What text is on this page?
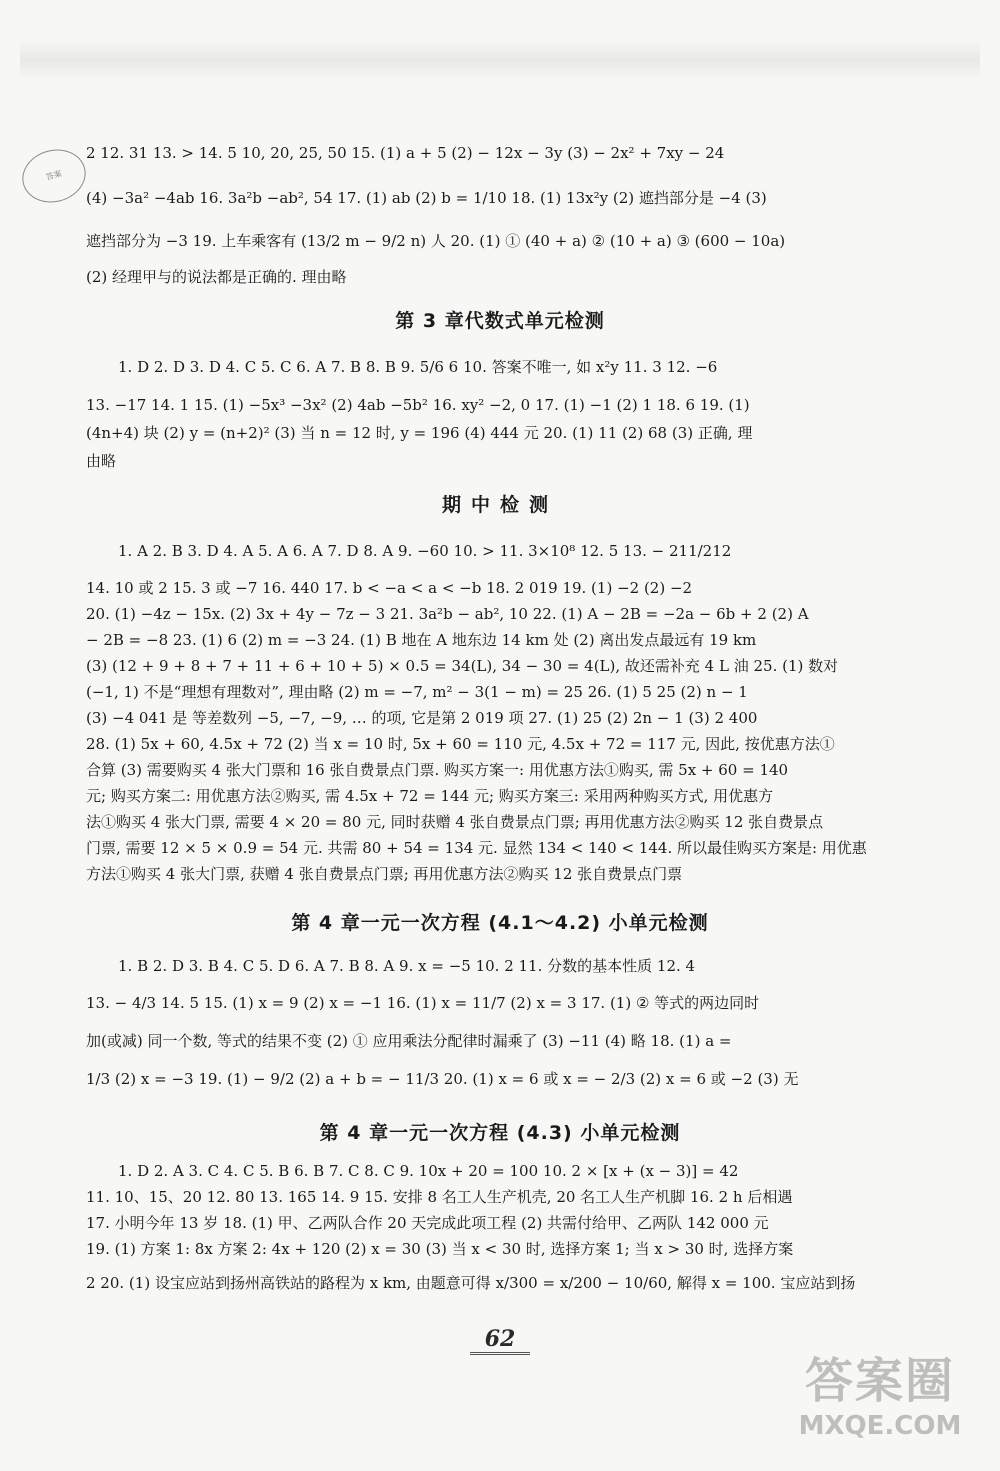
答案
2 12. 31 13. > 14. 5 10, 20, 25, 50 15. (1) a + 5 (2) − 12x − 3y (3) − 2x² + 7xy − 24
(4) −3a² −4ab 16. 3a²b −ab², 54 17. (1) ab (2) b = 1/10 18. (1) 13x²y (2) 遮挡部分是 −4 (3)
遮挡部分为 −3 19. 上车乘客有 (13/2 m − 9/2 n) 人 20. (1) ① (40 + a) ② (10 + a) ③ (600 − 10a)
(2) 经理甲与的说法都是正确的. 理由略
第 3 章代数式单元检测
1. D 2. D 3. D 4. C 5. C 6. A 7. B 8. B 9. 5/6 6 10. 答案不唯一, 如 x²y 11. 3 12. −6
13. −17 14. 1 15. (1) −5x³ −3x² (2) 4ab −5b² 16. xy² −2, 0 17. (1) −1 (2) 1 18. 6 19. (1)
(4n+4) 块 (2) y = (n+2)² (3) 当 n = 12 时, y = 196 (4) 444 元 20. (1) 11 (2) 68 (3) 正确, 理
由略
期中检测
1. A 2. B 3. D 4. A 5. A 6. A 7. D 8. A 9. −60 10. > 11. 3×10⁸ 12. 5 13. − 211/212
14. 10 或 2 15. 3 或 −7 16. 440 17. b < −a < a < −b 18. 2 019 19. (1) −2 (2) −2
20. (1) −4z − 15x. (2) 3x + 4y − 7z − 3 21. 3a²b − ab², 10 22. (1) A − 2B = −2a − 6b + 2 (2) A
− 2B = −8 23. (1) 6 (2) m = −3 24. (1) B 地在 A 地东边 14 km 处 (2) 离出发点最远有 19 km
(3) (12 + 9 + 8 + 7 + 11 + 6 + 10 + 5) × 0.5 = 34(L), 34 − 30 = 4(L), 故还需补充 4 L 油 25. (1) 数对
(−1, 1) 不是“理想有理数对”, 理由略 (2) m = −7, m² − 3(1 − m) = 25 26. (1) 5 25 (2) n − 1
(3) −4 041 是 等差数列 −5, −7, −9, … 的项, 它是第 2 019 项 27. (1) 25 (2) 2n − 1 (3) 2 400
28. (1) 5x + 60, 4.5x + 72 (2) 当 x = 10 时, 5x + 60 = 110 元, 4.5x + 72 = 117 元, 因此, 按优惠方法①
合算 (3) 需要购买 4 张大门票和 16 张自费景点门票. 购买方案一: 用优惠方法①购买, 需 5x + 60 = 140
元; 购买方案二: 用优惠方法②购买, 需 4.5x + 72 = 144 元; 购买方案三: 采用两种购买方式, 用优惠方
法①购买 4 张大门票, 需要 4 × 20 = 80 元, 同时获赠 4 张自费景点门票; 再用优惠方法②购买 12 张自费景点
门票, 需要 12 × 5 × 0.9 = 54 元. 共需 80 + 54 = 134 元. 显然 134 < 140 < 144. 所以最佳购买方案是: 用优惠
方法①购买 4 张大门票, 获赠 4 张自费景点门票; 再用优惠方法②购买 12 张自费景点门票
第 4 章一元一次方程 (4.1～4.2) 小单元检测
1. B 2. D 3. B 4. C 5. D 6. A 7. B 8. A 9. x = −5 10. 2 11. 分数的基本性质 12. 4
13. − 4/3 14. 5 15. (1) x = 9 (2) x = −1 16. (1) x = 11/7 (2) x = 3 17. (1) ② 等式的两边同时
加(或减) 同一个数, 等式的结果不变 (2) ① 应用乘法分配律时漏乘了 (3) −11 (4) 略 18. (1) a =
1/3 (2) x = −3 19. (1) − 9/2 (2) a + b = − 11/3 20. (1) x = 6 或 x = − 2/3 (2) x = 6 或 −2 (3) 无
第 4 章一元一次方程 (4.3) 小单元检测
1. D 2. A 3. C 4. C 5. B 6. B 7. C 8. C 9. 10x + 20 = 100 10. 2 × [x + (x − 3)] = 42
11. 10、15、20 12. 80 13. 165 14. 9 15. 安排 8 名工人生产机壳, 20 名工人生产机脚 16. 2 h 后相遇
17. 小明今年 13 岁 18. (1) 甲、乙两队合作 20 天完成此项工程 (2) 共需付给甲、乙两队 142 000 元
19. (1) 方案 1: 8x 方案 2: 4x + 120 (2) x = 30 (3) 当 x < 30 时, 选择方案 1; 当 x > 30 时, 选择方案
2 20. (1) 设宝应站到扬州高铁站的路程为 x km, 由题意可得 x/300 = x/200 − 10/60, 解得 x = 100. 宝应站到扬
62
答案圈
MXQE.COM
